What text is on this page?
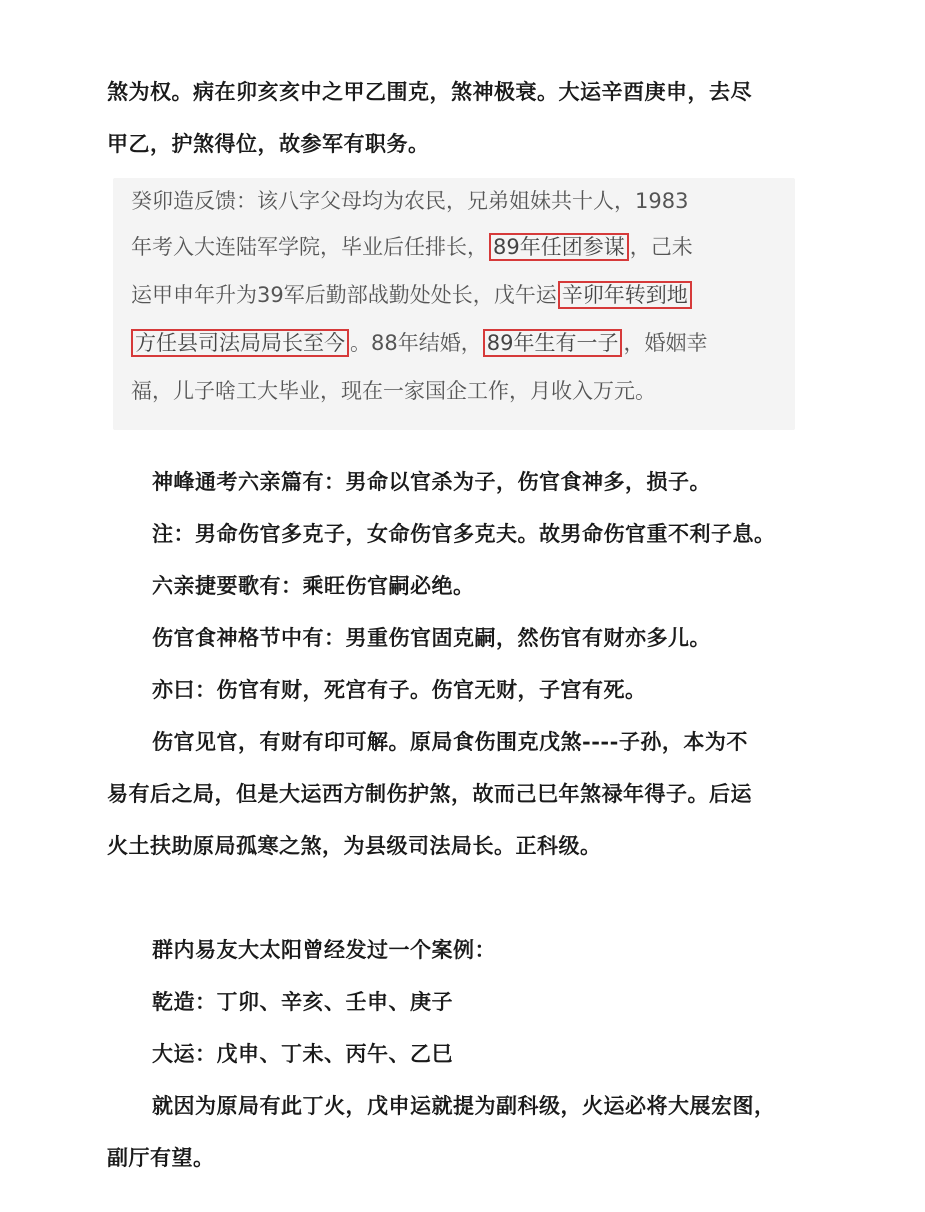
煞为权。病在卯亥亥中之甲乙围克，煞神极衰。大运辛酉庚申，去尽

甲乙，护煞得位，故参军有职务。

癸卯造反馈：该八字父母均为农民，兄弟姐妹共十人，1983
年考入大连陆军学院，毕业后任排长， 89年任团参谋 ，己未
运甲申年升为39军后勤部战勤处处长，戊午运 辛卯年转到地
方任县司法局局长至今 。88年结婚， 89年生有一子 ，婚姻幸
福，儿子啥工大毕业，现在一家国企工作，月收入万元。

神峰通考六亲篇有：男命以官杀为子，伤官食神多，损子。

注：男命伤官多克子，女命伤官多克夫。故男命伤官重不利子息。

六亲捷要歌有：乘旺伤官嗣必绝。

伤官食神格节中有：男重伤官固克嗣，然伤官有财亦多儿。

亦曰：伤官有财，死宫有子。伤官无财，子宫有死。

伤官见官，有财有印可解。原局食伤围克戊煞----子孙，本为不

易有后之局，但是大运西方制伤护煞，故而己巳年煞禄年得子。后运

火土扶助原局孤寒之煞，为县级司法局长。正科级。

群内易友大太阳曾经发过一个案例：

乾造：丁卯、辛亥、壬申、庚子

大运：戊申、丁未、丙午、乙巳

就因为原局有此丁火，戊申运就提为副科级，火运必将大展宏图，

副厅有望。
